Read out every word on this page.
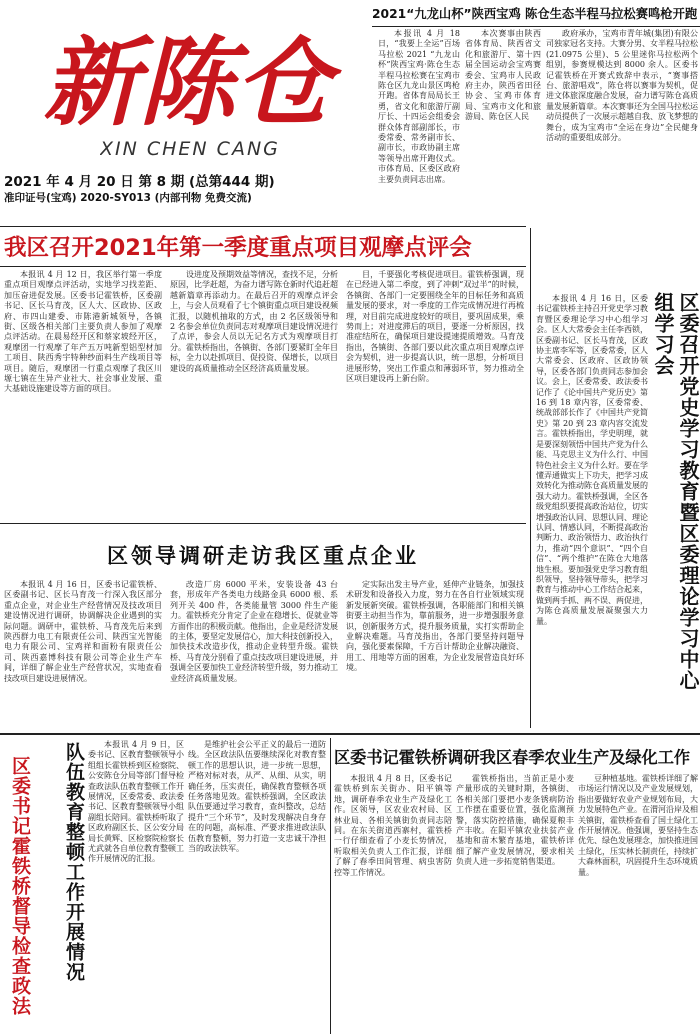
新陈仓
XIN CHEN CANG
2021 年 4 月 20 日 第 8 期 (总第444 期)
准印证号(宝鸡) 2020-SY013 (内部刊物 免费交流)
2021“九龙山杯”陕西宝鸡 陈仓生态半程马拉松赛鸣枪开跑

本报讯 4 月 18 日，“我要上全运”百场马拉松 2021 “九龙山杯”陕西宝鸡·陈仓生态半程马拉松赛在宝鸡市陈仓区九龙山景区鸣枪开跑。省体育局局长王勇，省文化和旅游厅副厅长、十四运会组委会群众体育部副部长，市委常委、常务副市长、副市长，市政协副主席等领导出席开跑仪式。市体育局、区委区政府主要负责同志出席。

本次赛事由陕西省体育局、陕西省文化和旅游厅、第十四届全国运动会宝鸡赛委会、宝鸡市人民政府主办，陕西省田径协会、宝鸡市体育局、宝鸡市文化和旅游局、陈仓区人民

政府承办，宝鸡市青年城(集团)有限公司独家冠名支持。大赛分男、女半程马拉松(21.0975 公里)、5 公里迷你马拉松两个组别，参赛规模达到 8000 余人。区委书记霍铁桥在开赛式致辞中表示，“赛事搭台、旅游唱戏”，陈仓将以赛事为契机，促进文体旅深度融合发展，奋力谱写陈仓高质量发展新篇章。本次赛事还为全国马拉松运动员提供了一次展示超越自我、放飞梦想的舞台，成为宝鸡市“全运在身边”全民健身活动的重要组成部分。

我区召开2021年第一季度重点项目观摩点评会

本报讯 4 月 12 日，我区举行第一季度重点项目观摩点评活动，实地学习找差距、加压奋进促发展。区委书记霍铁桥，区委副书记、区长马育茂，区人大、区政协、区政府、市四山建委、市陈港新城领导，各镇街、区级各相关部门主要负责人参加了观摩点评活动。在晨易经开区和蔡家坡经开区，观摩团一行观摩了年产五万吨新型铝型材加工项目、陕西秀宇特种纱面料生产线项目等项目。随后，观摩团一行重点观摩了我区川塬七镇在生异产业社大、社会事业发展、重大基础设施建设等方面的项目。

设进度及预期效益等情况，查找不足，分析原因，比学赶超，为奋力谱写陈仓新时代追赶超越新篇章再添动力。在最后召开的观摩点评会上，与会人员观看了七个镇街重点项目建设视频汇报，以随机抽取的方式，由 2 名区级领导和 2 名参会单位负责同志对观摩项目建设情况进行了点评，参会人员以无记名方式为观摩项目打分。霍铁桥指出，各镇街、各部门要紧盯全年目标，全力以赴抓项目、促投资、保增长，以项目建设的高质量推动全区经济高质量发展。

目，千要强化考核促进项目。霍铁桥强调，现在已经进入第二季度，到了冲刺“双过半”的时候，各镇街、各部门一定要围绕全年的目标任务和高质量发展的要求，对一季度的工作完成情况进行再梳理，对目前完成进度较好的项目，要巩固成果，乘势而上；对进度滞后的项目，要逐一分析原因，找准症结所在，确保项目建设提速提质增效。马育茂指出，各镇街、各部门要以此次重点项目观摩点评会为契机，进一步提高认识，统一思想，分析项目进展形势，突出工作重点和薄弱环节，努力推动全区项目建设再上新台阶。

本报讯 4 月 16 日，区委书记霍铁桥主持召开党史学习教育暨区委理论学习中心组学习会。区人大常委会主任李西锁，区委副书记、区长马育茂，区政协主席李军等，区委常委，区人大常委会、区政府、区政协领导，区委各部门负责同志参加会议。会上，区委常委、政法委书记作了《论中国共产党历史》第 16 到 18 章内容，区委常委、统战部部长作了《中国共产党简史》第 20 到 23 章内容交流发言。霍铁桥指出，学史明理，就是要深刻领悟中国共产党为什么能、马克思主义为什么行、中国特色社会主义为什么好。要在学懂弄通做实上下功夫，把学习成效转化为推动陈仓高质量发展的强大动力。霍铁桥强调，全区各级党组织要提高政治站位，切实增强政治认同、思想认同、理论认同、情感认同，不断提高政治判断力、政治领悟力、政治执行力，推动“四个意识”、“四个自信”、“两个维护”在陈仓大地落地生根。要加强党史学习教育组织领导，坚持领导带头，把学习教育与推动中心工作结合起来，做到两手抓、两不误、两促进，为陈仓高质量发展凝聚强大力量。	区委召开党史学习教育暨区委理论学习中心组学习会
区领导调研走访我区重点企业

本报讯 4 月 16 日，区委书记霍铁桥、区委副书记、区长马育茂一行深入我区部分重点企业，对企业生产经营情况及技改项目建设情况进行调研，协调解决企业遇到的实际问题。调研中，霍铁桥、马育茂先后来到陕西群力电工有限责任公司、陕西宝光智能电力有限公司、宝鸡祥和面粉有限责任公司、陕西嘉博科技有限公司等企业生产车间，详细了解企业生产经营状况，实地查看技改项目建设进展情况。

改造厂房 6000 平米，安装设备 43 台套，形成年产各类电力线路金具 6000 根、系列开关 400 件，各类能量管 3000 件生产能力。霍铁桥充分肯定了企业在稳增长、促就业等方面作出的积极贡献。他指出，企业是经济发展的主体，要坚定发展信心，加大科技创新投入，加快技术改造步伐，推动企业转型升级。霍铁桥、马育茂分别看了重点技改项目建设进展，并强调全区要加快工业经济转型升级，努力推动工业经济高质量发展。

定实际出发主导产业，延伸产业链条，加强技术研发和设备投入力度，努力在各自行业领域实现新发展新突破。霍铁桥强调，各职能部门和相关镇街要主动担当作为，靠前服务，进一步增强服务意识，创新服务方式，提升服务质量，实打实帮助企业解决难题。马育茂指出，各部门要坚持问题导向，强化要素保障，千方百计帮助企业解决融资、用工、用地等方面的困难，为企业发展营造良好环境。

区委书记霍铁桥督导检查政法	队伍教育整顿工作开展情况	本报讯 4 月 9 日，区委书记、区教育整顿领导小组组长霍铁桥到区检察院、公安陈仓分局等部门督导检查政法队伍教育整顿工作开展情况，区委常委、政法委书记、区教育整顿领导小组副组长陪同。霍铁桥听取了区政府副区长、区公安分局局长黄辉、区检察院检察长尤武就各自单位教育整顿工作开展情况的汇报。

是维护社会公平正义的最后一道防线。全区政法队伍要继续深化对教育整顿工作的思想认识，进一步统一思想，严格对标对表，从严、从细、从实，明确任务，压实责任，确保教育整顿各项任务落地见效。霍铁桥强调，全区政法队伍要通过学习教育，查纠整改，总结提升“三个环节”，及时发现解决自身存在的问题，高标准、严要求推进政法队伍教育整顿，努力打造一支忠诚干净担当的政法铁军。

区委书记霍铁桥调研我区春季农业生产及绿化工作

本报讯 4 月 8 日，区委书记霍铁桥到东关街办、阳平镇等地，调研春季农业生产及绿化工作。区领导，区农业农村局、区林业局、各相关镇街负责同志陪同。在东关街道西寨村，霍铁桥一行仔细查看了小麦长势情况，听取相关负责人工作汇报，详细了解了春季田间管理、病虫害防控等工作情况。

霍铁桥指出，当前正是小麦产量形成的关键时期，各镇街、各相关部门要把小麦条锈病防治工作摆在重要位置，强化监测预警，落实防控措施，确保夏粮丰产丰收。在阳平镇农业扶贫产业基地和苗木繁育基地，霍铁桥详细了解产业发展情况，要求相关负责人进一步拓宽销售渠道。

豆种植基地。霍铁桥详细了解市场运行情况以及产业发展规划，指出要做好农业产业规划布局，大力发展特色产业。在渭河沿岸及相关镇街，霍铁桥查看了国土绿化工作开展情况。他强调，要坚持生态优先、绿色发展理念，加快推进国土绿化，压实林长制责任，持续扩大森林面积，巩固提升生态环境质量。
